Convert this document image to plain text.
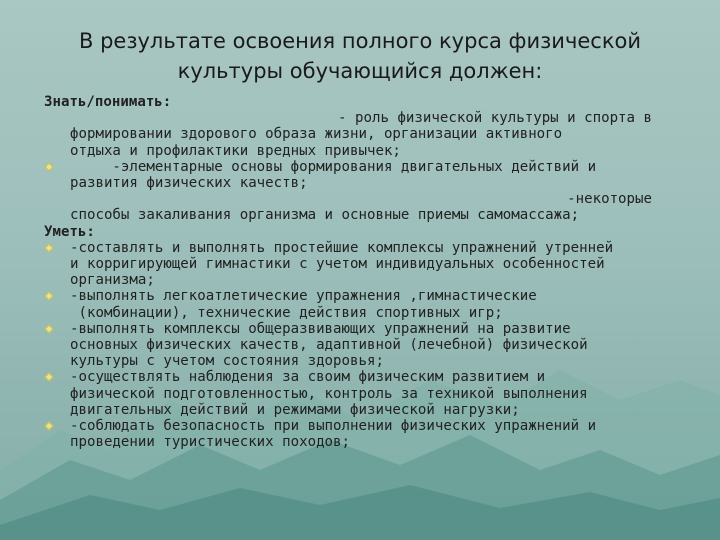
В результате освоения полного курса физической
культуры обучающийся должен:
Знать/понимать:
- роль физической культуры и спорта в
формировании здорового образа жизни, организации активного
отдыха и профилактики вредных привычек;
-элементарные основы формирования двигательных действий и
развития физических качеств;
-некоторые
способы закаливания организма и основные приемы самомассажа;
Уметь:
-составлять и выполнять простейшие комплексы упражнений утренней
и корригирующей гимнастики с учетом индивидуальных особенностей
организма;
-выполнять легкоатлетические упражнения ,гимнастические
(комбинации), технические действия спортивных игр;
-выполнять комплексы общеразвивающих упражнений на развитие
основных физических качеств, адаптивной (лечебной) физической
культуры с учетом состояния здоровья;
-осуществлять наблюдения за своим физическим развитием и
физической подготовленностью, контроль за техникой выполнения
двигательных действий и режимами физической нагрузки;
-соблюдать безопасность при выполнении физических упражнений и
проведении туристических походов;
